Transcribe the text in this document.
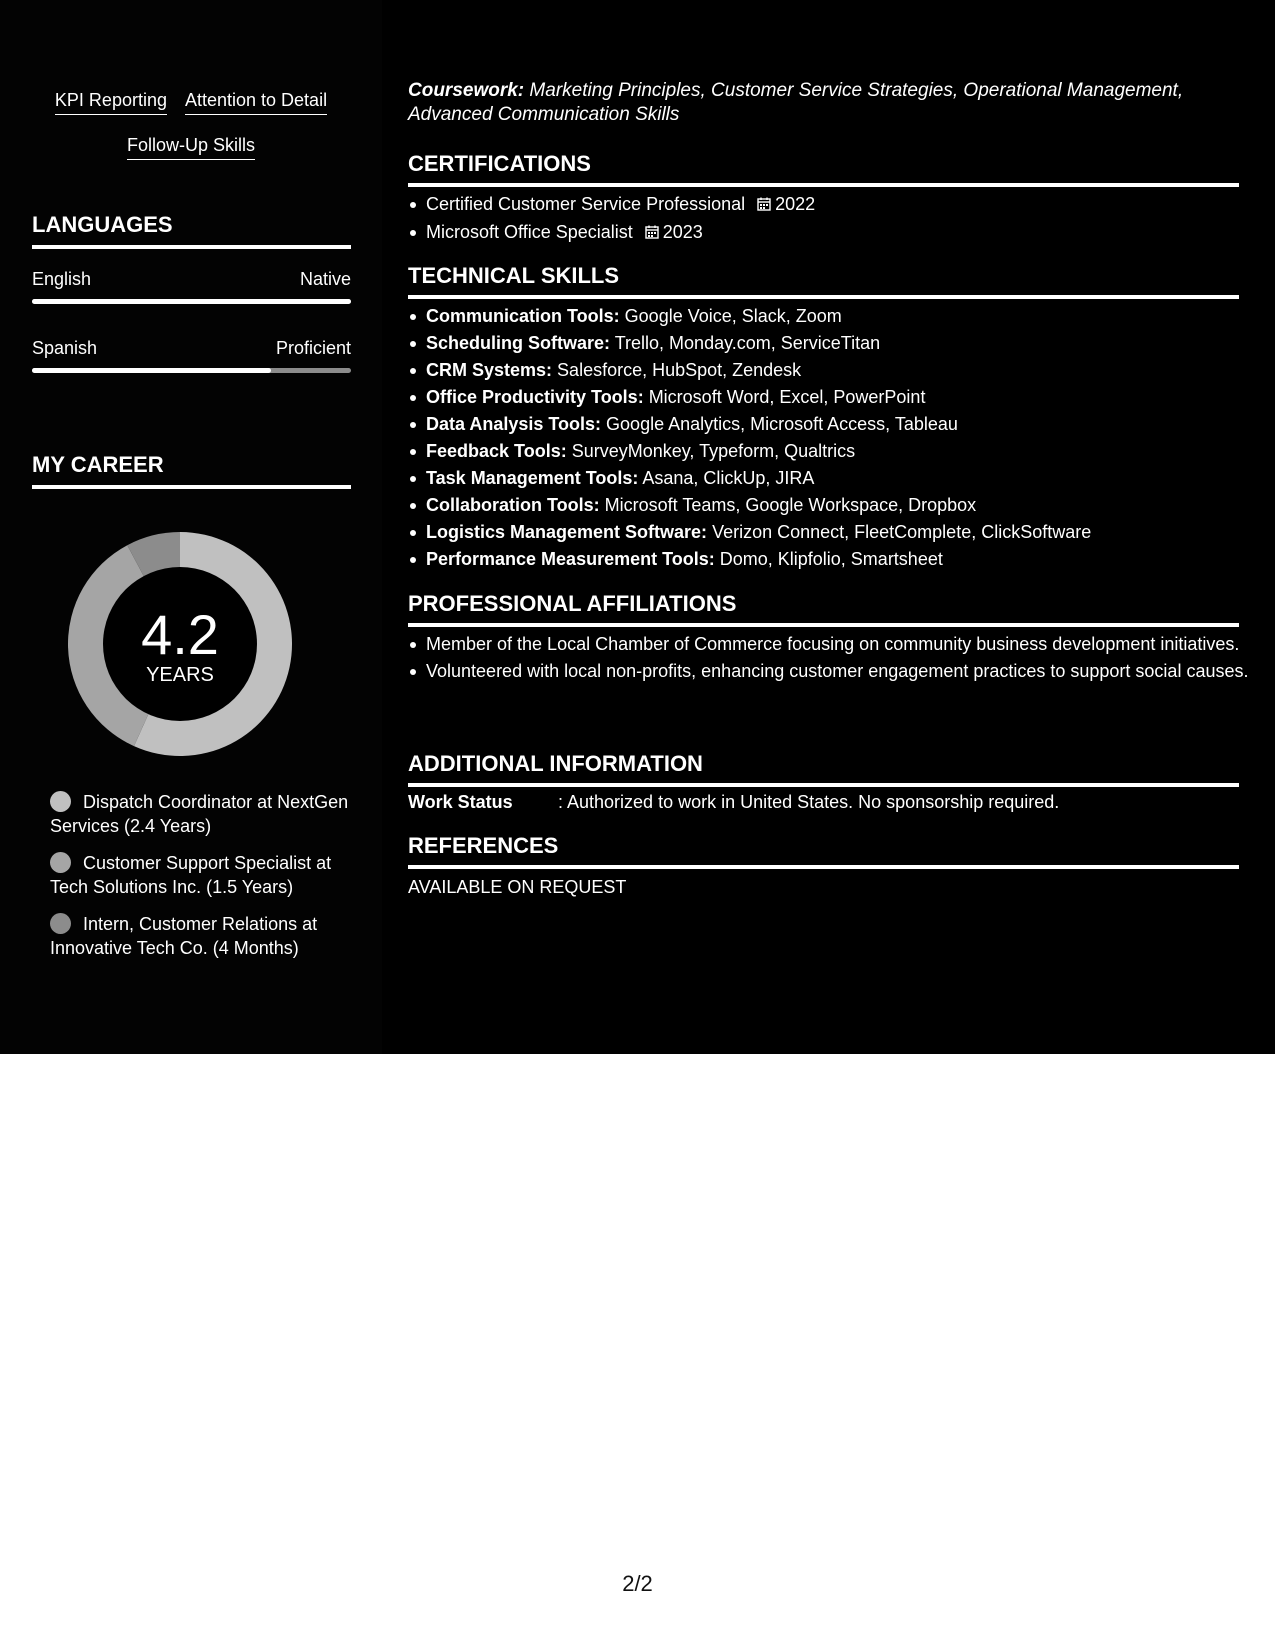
KPI Reporting Attention to Detail
Follow-Up Skills
LANGUAGES
English	Native
Spanish	Proficient
MY CAREER
4.2
YEARS
Dispatch Coordinator at NextGen Services (2.4 Years)
Customer Support Specialist at Tech Solutions Inc. (1.5 Years)
Intern, Customer Relations at Innovative Tech Co. (4 Months)
Coursework: Marketing Principles, Customer Service Strategies, Operational Management, Advanced Communication Skills
CERTIFICATIONS
Certified Customer Service Professional 2022
Microsoft Office Specialist 2023
TECHNICAL SKILLS
Communication Tools: Google Voice, Slack, Zoom
Scheduling Software: Trello, Monday.com, ServiceTitan
CRM Systems: Salesforce, HubSpot, Zendesk
Office Productivity Tools: Microsoft Word, Excel, PowerPoint
Data Analysis Tools: Google Analytics, Microsoft Access, Tableau
Feedback Tools: SurveyMonkey, Typeform, Qualtrics
Task Management Tools: Asana, ClickUp, JIRA
Collaboration Tools: Microsoft Teams, Google Workspace, Dropbox
Logistics Management Software: Verizon Connect, FleetComplete, ClickSoftware
Performance Measurement Tools: Domo, Klipfolio, Smartsheet
PROFESSIONAL AFFILIATIONS
Member of the Local Chamber of Commerce focusing on community business development initiatives.
Volunteered with local non-profits, enhancing customer engagement practices to support social causes.
ADDITIONAL INFORMATION
Work Status	: Authorized to work in United States. No sponsorship required.
REFERENCES
AVAILABLE ON REQUEST
2/2
